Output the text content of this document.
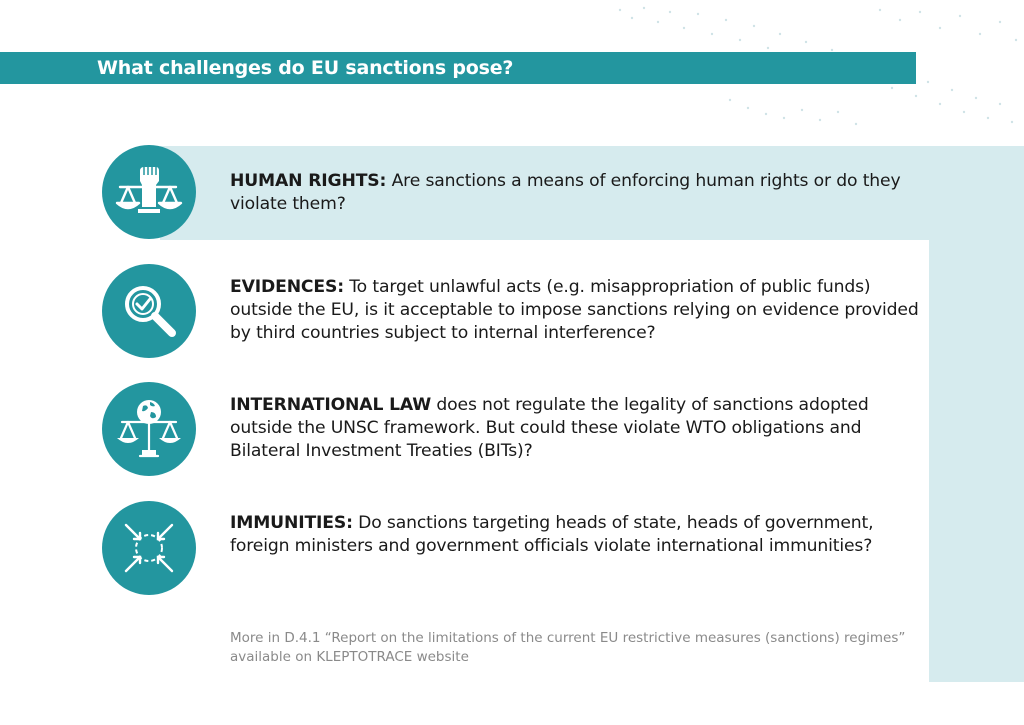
What challenges do EU sanctions pose?
HUMAN RIGHTS: Are sanctions a means of enforcing human rights or do they violate them?
EVIDENCES: To target unlawful acts (e.g. misappropriation of public funds) outside the EU, is it acceptable to impose sanctions relying on evidence provided by third countries subject to internal interference?
INTERNATIONAL LAW does not regulate the legality of sanctions adopted outside the UNSC framework. But could these violate WTO obligations and Bilateral Investment Treaties (BITs)?
IMMUNITIES: Do sanctions targeting heads of state, heads of government, foreign ministers and government officials violate international immunities?
More in D.4.1 “Report on the limitations of the current EU restrictive measures (sanctions) regimes” available on KLEPTOTRACE website
